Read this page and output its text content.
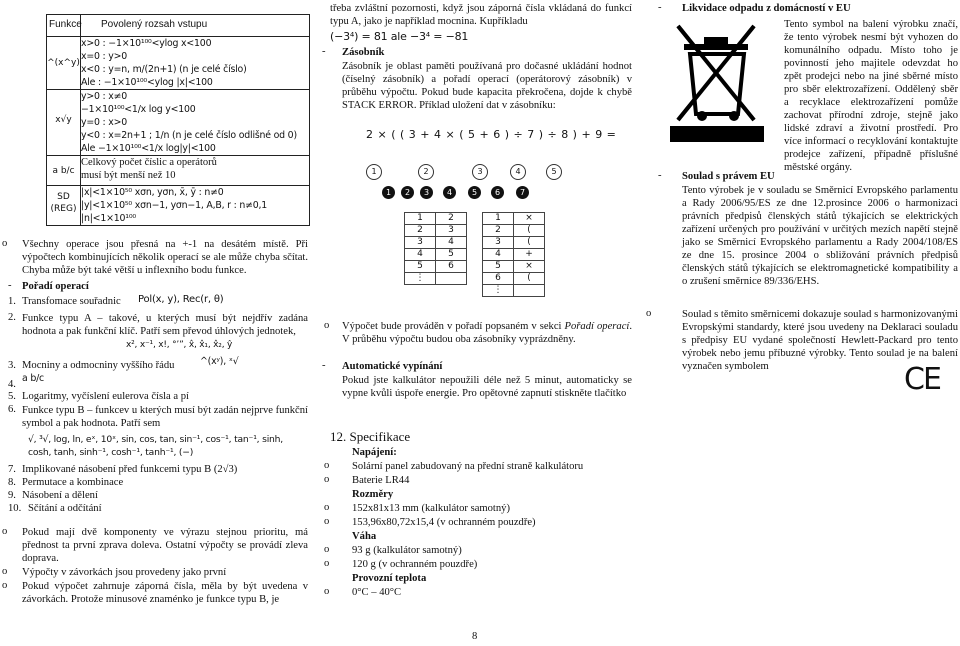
Funkce	Povolený rozsah vstupu

^(x^y)	x>0 : −1×10¹⁰⁰<ylog x<100

x=0 : y>0

x<0 : y=n, m/(2n+1) (n je celé číslo)

Ale : −1×10¹⁰⁰<ylog |x|<100

x√y	y>0 : x≠0

−1×10¹⁰⁰<1/x log y<100

y=0 : x>0

y<0 : x=2n+1 ; 1/n (n je celé číslo odlišné od 0)

Ale −1×10¹⁰⁰<1/x log|y|<100

a b/c	Celkový počet číslic a operátorů

musí být menší než 10

SD (REG)	|x|<1×10⁵⁰ xσn, yσn, x̄, ȳ : n≠0

|y|<1×10⁵⁰ xσn−1, yσn−1, A,B, r : n≠0,1

|n|<1×10¹⁰⁰

o Všechny operace jsou přesná na +-1 na desátém místě. Při výpočtech kombinujících několik operací se ale může chyba sčítat. Chyba může být také větší u inflexního bodu funkce.

- Pořadí operací

1. Transfomace souřadnic Pol(x, y), Rec(r, θ)
2. Funkce typu A – takové, u kterých musí být nejdřív zadána hodnota a pak funkční klíč. Patří sem převod úhlových jednotek,

x², x⁻¹, x!, °’”, x̂, x̂₁, x̂₂, ŷ
3. Mocniny a odmocniny vyššího řádu	^(xʸ), ˣ√
4.
a b/c
5. Logaritmy, vyčíslení eulerova čísla a pí
6. Funkce typu B – funkcev u kterých musí být zadán nejprve funkční symbol a pak hodnota. Patří sem

√, ³√, log, ln, eˣ, 10ˣ, sin, cos, tan, sin⁻¹, cos⁻¹, tan⁻¹, sinh, cosh, tanh, sinh⁻¹, cosh⁻¹, tanh⁻¹, (−)

7. Implikované násobení před funkcemi typu B (2√3)
8. Permutace a kombinace
9. Násobení a dělení
10. Sčítání a odčítání
o Pokud mají dvě komponenty ve výrazu stejnou prioritu, má přednost ta první zprava doleva. Ostatní výpočty se provádí zleva doprava.

o Výpočty v závorkách jsou provedeny jako první

o Pokud výpočet zahrnuje záporná čísla, měla by být uvedena v závorkách. Protože minusové znaménko je funkce typu B, je

třeba zvláštní pozornosti, když jsou záporná čísla vkládaná do funkcí typu A, jako je například mocnina. Kupříkladu

(−3⁴) = 81 ale −3⁴ = −81

- Zásobník

Zásobník je oblast paměti používaná pro dočasné ukládání hodnot (číselný zásobník) a pořadí operací (operátorový zásobník) v průběhu výpočtu. Pokud bude kapacita překročena, dojde k chybě STACK ERROR. Příklad uložení dat v zásobníku:

2 × ( ( 3 + 4 × ( 5 + 6 ) ÷ 7 ) ÷ 8 ) + 9 =

1	2	3	4	5
1 2 3 4 5 6 7
1	2
2	3
3	4
4	5
5	6
⋮	
1	×
2	(
3	(
4	+
5	×
6	(
⋮	
o Výpočet bude prováděn v pořadí popsaném v sekci Pořadí operací. V průběhu výpočtu budou oba zásobníky vyprázdněny.

- Automatické vypínání

Pokud jste kalkulátor nepoužili déle než 5 minut, automaticky se vypne kvůli úspoře energie. Pro opětovné zapnutí stiskněte tlačítko

12. Specifikace

Napájení:

o Solární panel zabudovaný na přední straně kalkulátoru

o Baterie LR44

Rozměry

o 152x81x13 mm (kalkulátor samotný)

o 153,96x80,72x15,4 (v ochranném pouzdře)

Váha

o 93 g (kalkulátor samotný)

o 120 g (v ochranném pouzdře)

Provozní teplota

o 0°C – 40°C

8

- Likvidace odpadu z domácností v EU

Tento symbol na balení výrobku značí, že tento výrobek nesmí být vyhozen do komunálního odpadu. Místo toho je povinností jeho majitele odevzdat ho zpět prodejci nebo na jiné sběrné místo pro sběr elektrozařízení. Oddělený sběr a recyklace elektrozařízení pomůže zachovat přírodní zdroje, stejně jako lidské zdraví a životní prostředí. Pro více informací o recyklování kontaktujte prodejce zařízení, případně příslušné městské orgány.

- Soulad s právem EU

Tento výrobek je v souladu se Směrnicí Evropského parlamentu a Rady 2006/95/ES ze dne 12.prosince 2006 o harmonizaci právních předpisů členských států týkajících se elektrických zařízení určených pro používání v určitých mezích napětí stejně jako se Směrnicí Evropského parlamentu a Rady 2004/108/ES ze dne 15. prosince 2004 o sbližování právních předpisů členských států týkajících se elektromagnetické kompatibility a o zrušení směrnice 89/336/EHS.

o	Soulad s těmito směrnicemi dokazuje soulad s harmonizovanými Evropskými standardy, které jsou uvedeny na Deklaraci souladu s předpisy EU vydané společností Hewlett-Packard pro tento výrobek nebo jemu příbuzné výrobky. Tento soulad je na balení vyznačen symbolem	CE
